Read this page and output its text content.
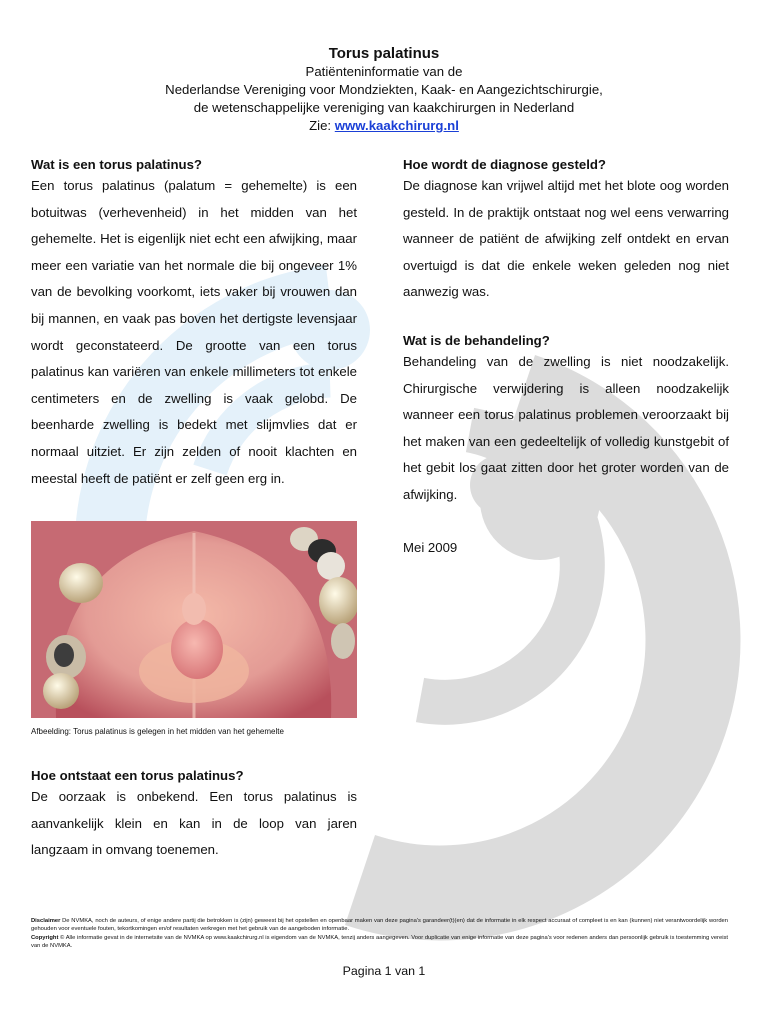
Torus palatinus
Patiënteninformatie van de
Nederlandse Vereniging voor Mondziekten, Kaak- en Aangezichtschirurgie,
de wetenschappelijke vereniging van kaakchirurgen in Nederland
Zie: www.kaakchirurg.nl
Wat is een torus palatinus?

Een torus palatinus (palatum = gehemelte) is een botuitwas (verhevenheid) in het midden van het gehemelte. Het is eigenlijk niet echt een afwijking, maar meer een variatie van het normale die bij ongeveer 1% van de bevolking voorkomt, iets vaker bij vrouwen dan bij mannen, en vaak pas boven het dertigste levensjaar wordt geconstateerd. De grootte van een torus palatinus kan variëren van enkele millimeters tot enkele centimeters en de zwelling is vaak gelobd. De beenharde zwelling is bedekt met slijmvlies dat er normaal uitziet. Er zijn zelden of nooit klachten en meestal heeft de patiënt er zelf geen erg in.

Afbeelding: Torus palatinus is gelegen in het midden van het gehemelte
Hoe ontstaat een torus palatinus?

De oorzaak is onbekend. Een torus palatinus is aanvankelijk klein en kan in de loop van jaren langzaam in omvang toenemen.

Hoe wordt de diagnose gesteld?

De diagnose kan vrijwel altijd met het blote oog worden gesteld. In de praktijk ontstaat nog wel eens verwarring wanneer de patiënt de afwijking zelf ontdekt en ervan overtuigd is dat die enkele weken geleden nog niet aanwezig was.

Wat is de behandeling?

Behandeling van de zwelling is niet noodzakelijk. Chirurgische verwijdering is alleen noodzakelijk wanneer een torus palatinus problemen veroorzaakt bij het maken van een gedeeltelijk of volledig kunstgebit of het gebit los gaat zitten door het groter worden van de afwijking.

Mei 2009

Disclaimer De NVMKA, noch de auteurs, of enige andere partij die betrokken is (zijn) geweest bij het opstellen en openbaar maken van deze pagina's garandeer(t)(en) dat de informatie in elk respect accuraat of compleet is en kan (kunnen) niet verantwoordelijk worden gehouden voor eventuele fouten, tekortkomingen en/of resultaten verkregen met het gebruik van de aangeboden informatie.
Copyright © Alle informatie gevat in de internetsite van de NVMKA op www.kaakchirurg.nl is eigendom van de NVMKA, tenzij anders aangegeven. Voor duplicatie van enige informatie van deze pagina's voor redenen anders dan persoonlijk gebruik is toestemming vereist van de NVMKA.
Pagina 1 van 1
